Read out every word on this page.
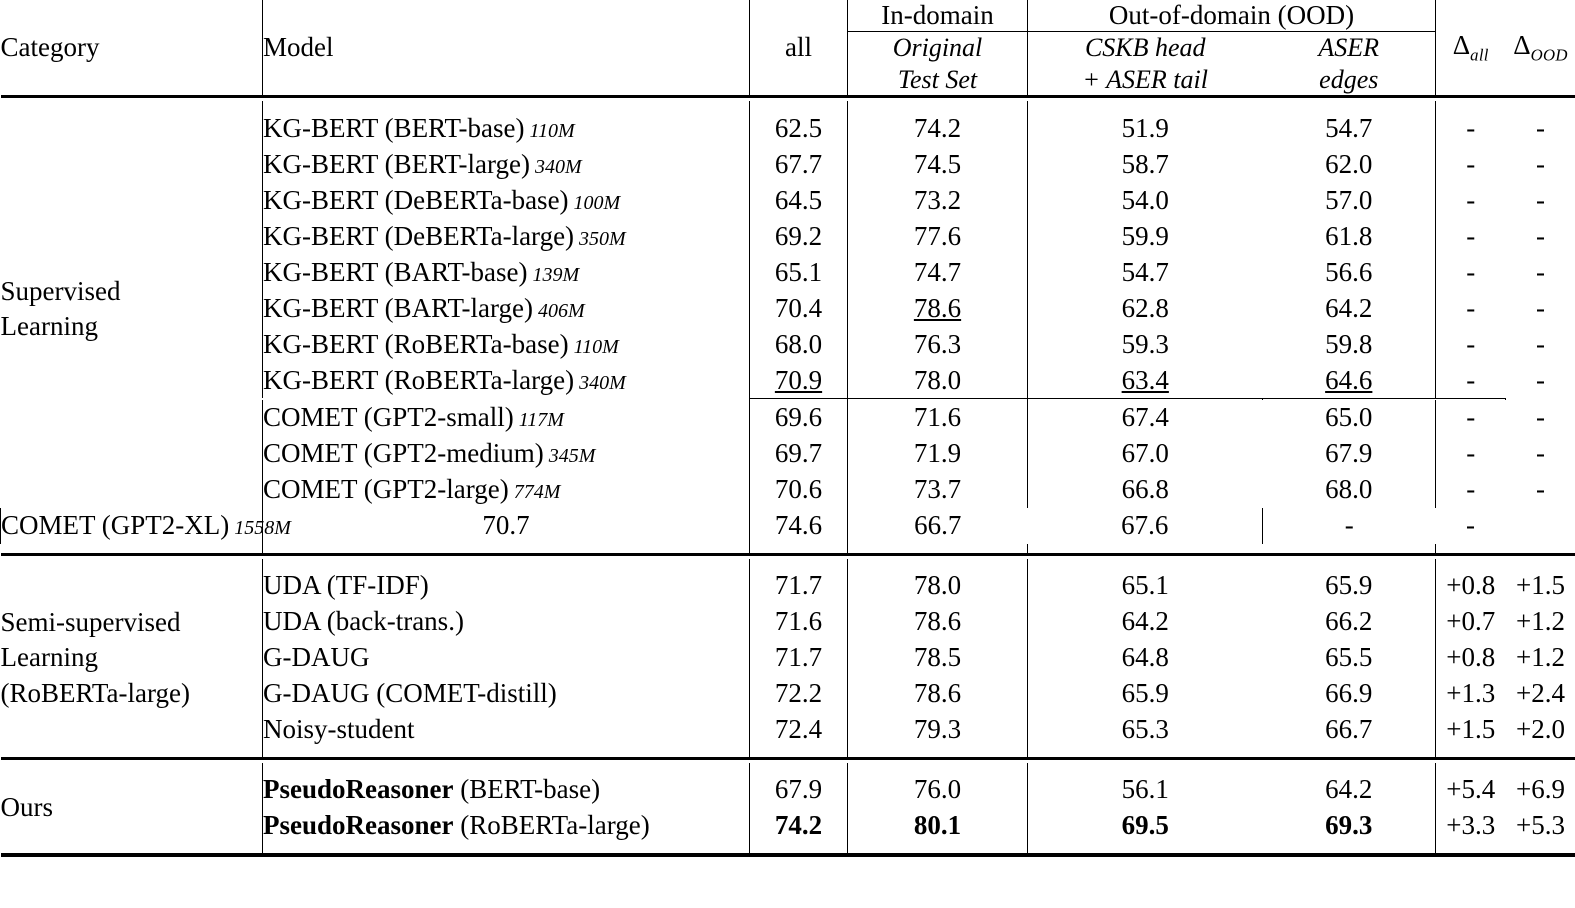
Category	Model	all	In-domain	Out-of-domain (OOD)		$\Delta_{all}$	$\Delta_{OOD}$
			Original	CSKB head	ASER			
			Test Set	+ ASER tail	edges			

Supervised
Learning	KG-BERT (BERT-base) 110M	62.5	74.2	51.9	54.7	-	-	
	KG-BERT (BERT-large) 340M	67.7	74.5	58.7	62.0	-	-	
	KG-BERT (DeBERTa-base) 100M	64.5	73.2	54.0	57.0	-	-	
	KG-BERT (DeBERTa-large) 350M	69.2	77.6	59.9	61.8	-	-	
	KG-BERT (BART-base) 139M	65.1	74.7	54.7	56.6	-	-	
	KG-BERT (BART-large) 406M	70.4	78.6	62.8	64.2	-	-	
	KG-BERT (RoBERTa-base) 110M	68.0	76.3	59.3	59.8	-	-	
	KG-BERT (RoBERTa-large) 340M	70.9	78.0	63.4	64.6	-	-	

	COMET (GPT2-small) 117M	69.6	71.6	67.4	65.0	-	-	
	COMET (GPT2-medium) 345M	69.7	71.9	67.0	67.9	-	-	
	COMET (GPT2-large) 774M	70.6	73.7	66.8	68.0	-	-	
COMET (GPT2-XL) 1558M	70.7	74.6	66.7	67.6	-	-		

Semi-supervised
Learning
(RoBERTa-large)	UDA (TF-IDF)	71.7	78.0	65.1	65.9	+0.8	+1.5	
	UDA (back-trans.)	71.6	78.6	64.2	66.2	+0.7	+1.2	
	G-DAUG	71.7	78.5	64.8	65.5	+0.8	+1.2	
	G-DAUG (COMET-distill)	72.2	78.6	65.9	66.9	+1.3	+2.4	
	Noisy-student	72.4	79.3	65.3	66.7	+1.5	+2.0	

Ours	PseudoReasoner (BERT-base)	67.9	76.0	56.1	64.2	+5.4	+6.9	
	PseudoReasoner (RoBERTa-large)	74.2	80.1	69.5	69.3	+3.3	+5.3	
